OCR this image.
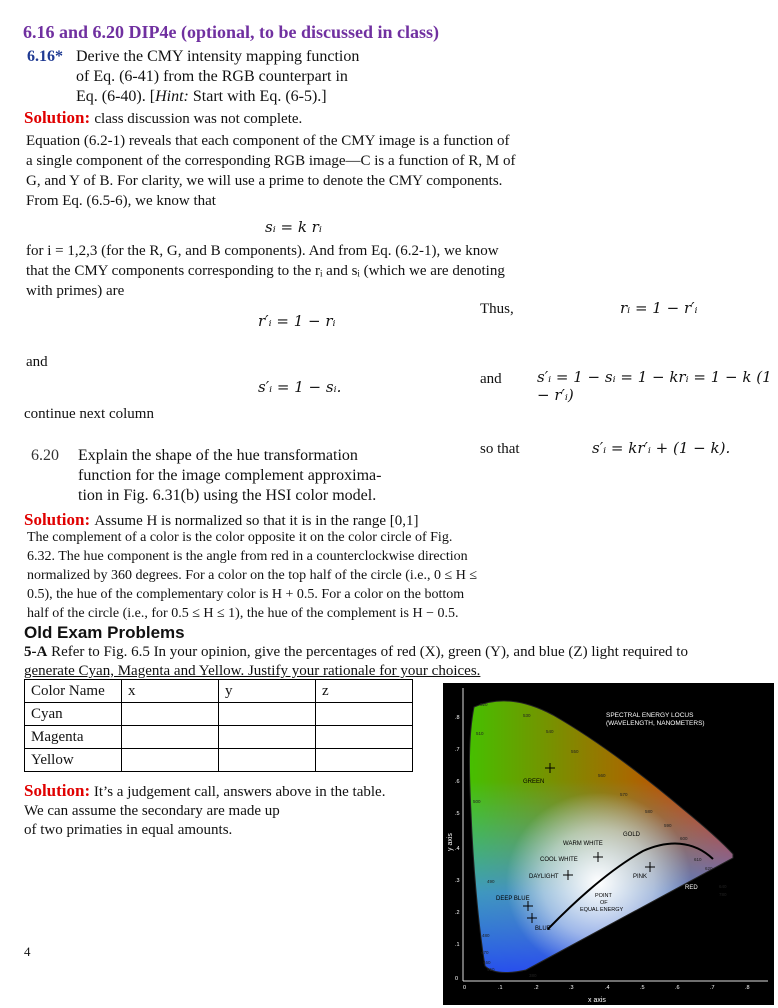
6.16 and 6.20 DIP4e (optional, to be discussed in class)
6.16* Derive the CMY intensity mapping function
of Eq. (6-41) from the RGB counterpart in
Eq. (6-40). [Hint: Start with Eq. (6-5).]
Solution: class discussion was not complete.
Equation (6.2-1) reveals that each component of the CMY image is a function of
a single component of the corresponding RGB image—C is a function of R, M of
G, and Y of B. For clarity, we will use a prime to denote the CMY components.
From Eq. (6.5-6), we know that
sᵢ = k rᵢ
for i = 1,2,3 (for the R, G, and B components). And from Eq. (6.2-1), we know
that the CMY components corresponding to the rᵢ and sᵢ (which we are denoting
with primes) are
r′ᵢ = 1 − rᵢ
and
s′ᵢ = 1 − sᵢ.
continue next column
Thus,	rᵢ = 1 − r′ᵢ
and s′ᵢ = 1 − sᵢ = 1 − krᵢ = 1 − k (1 − r′ᵢ)
so that	s′ᵢ = kr′ᵢ + (1 − k).
6.20 Explain the shape of the hue transformation
function for the image complement approxima-
tion in Fig. 6.31(b) using the HSI color model.
Solution: Assume H is normalized so that it is in the range [0,1]
The complement of a color is the color opposite it on the color circle of Fig.
6.32. The hue component is the angle from red in a counterclockwise direction
normalized by 360 degrees. For a color on the top half of the circle (i.e., 0 ≤ H ≤
0.5), the hue of the complementary color is H + 0.5. For a color on the bottom
half of the circle (i.e., for 0.5 ≤ H ≤ 1), the hue of the complement is H − 0.5.
Old Exam Problems
5-A Refer to Fig. 6.5 In your opinion, give the percentages of red (X), green (Y), and blue (Z) light required to
generate Cyan, Magenta and Yellow. Justify your rationale for your choices.
Color Name	x	y	z
Cyan			
Magenta			
Yellow			
Solution: It’s a judgement call, answers above in the table.
We can assume the secondary are made up
of two primaties in equal amounts.
4
SPECTRAL ENERGY LOCUS
(WAVELENGTH, NANOMETERS)
GREEN
WARM WHITE
GOLD
COOL WHITE
DAYLIGHT	PINK
RED
DEEP BLUE
BLUE
POINT
OF
EQUAL ENERGY
x axis
y axis
.8
.7
.6
.5
.4
.3
.2
.1
0
0	.1	.2	.3	.4	.5	.6	.7	.8
520
530
510	540
550
560
500
570
580
590
600
610
620
640
780
490
480
470
460
450
380
